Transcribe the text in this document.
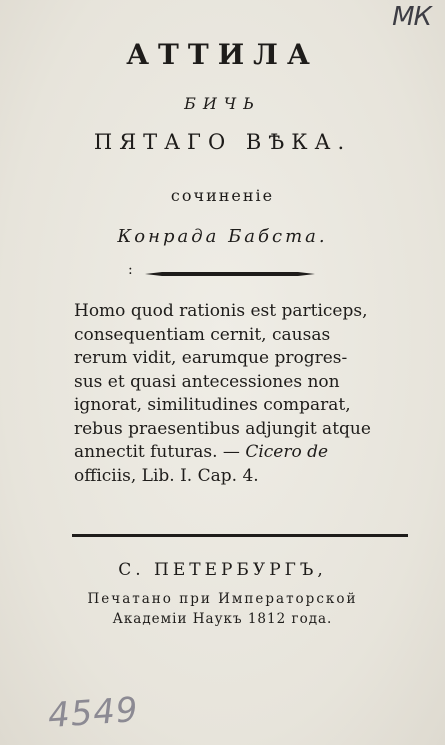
МК
АТТИЛА
БИЧЬ
ПЯТАГО ВѢКА.
сочиненiе
Конрада Бабста.
:
Homo quod rationis est particeps,
consequentiam cernit, causas
rerum vidit, earumque progres-
sus et quasi antecessiones non
ignorat, similitudines comparat,
rebus praesentibus adjungit atque
annectit futuras. — Cicero de
officiis, Lib. I. Cap. 4.
С. ПЕТЕРБУРГЪ,
Печатано при Императорской
Академiи Наукъ 1812 года.
4549
